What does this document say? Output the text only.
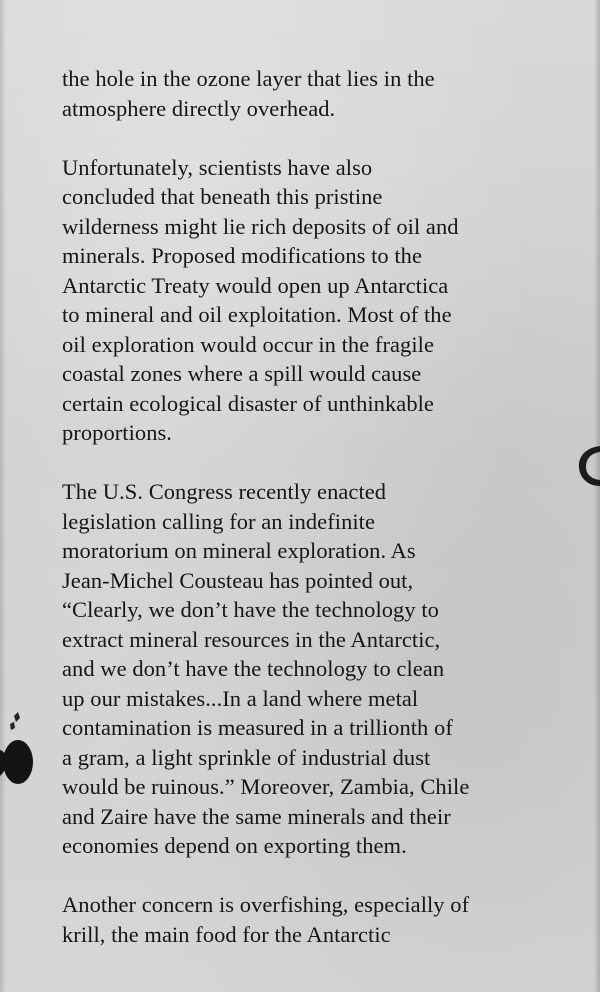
the hole in the ozone layer that lies in the
atmosphere directly overhead.

Unfortunately, scientists have also
concluded that beneath this pristine
wilderness might lie rich deposits of oil and
minerals. Proposed modifications to the
Antarctic Treaty would open up Antarctica
to mineral and oil exploitation. Most of the
oil exploration would occur in the fragile
coastal zones where a spill would cause
certain ecological disaster of unthinkable
proportions.

The U.S. Congress recently enacted
legislation calling for an indefinite
moratorium on mineral exploration. As
Jean-Michel Cousteau has pointed out,
“Clearly, we don’t have the technology to
extract mineral resources in the Antarctic,
and we don’t have the technology to clean
up our mistakes...In a land where metal
contamination is measured in a trillionth of
a gram, a light sprinkle of industrial dust
would be ruinous.” Moreover, Zambia, Chile
and Zaire have the same minerals and their
economies depend on exporting them.

Another concern is overfishing, especially of
krill, the main food for the Antarctic
